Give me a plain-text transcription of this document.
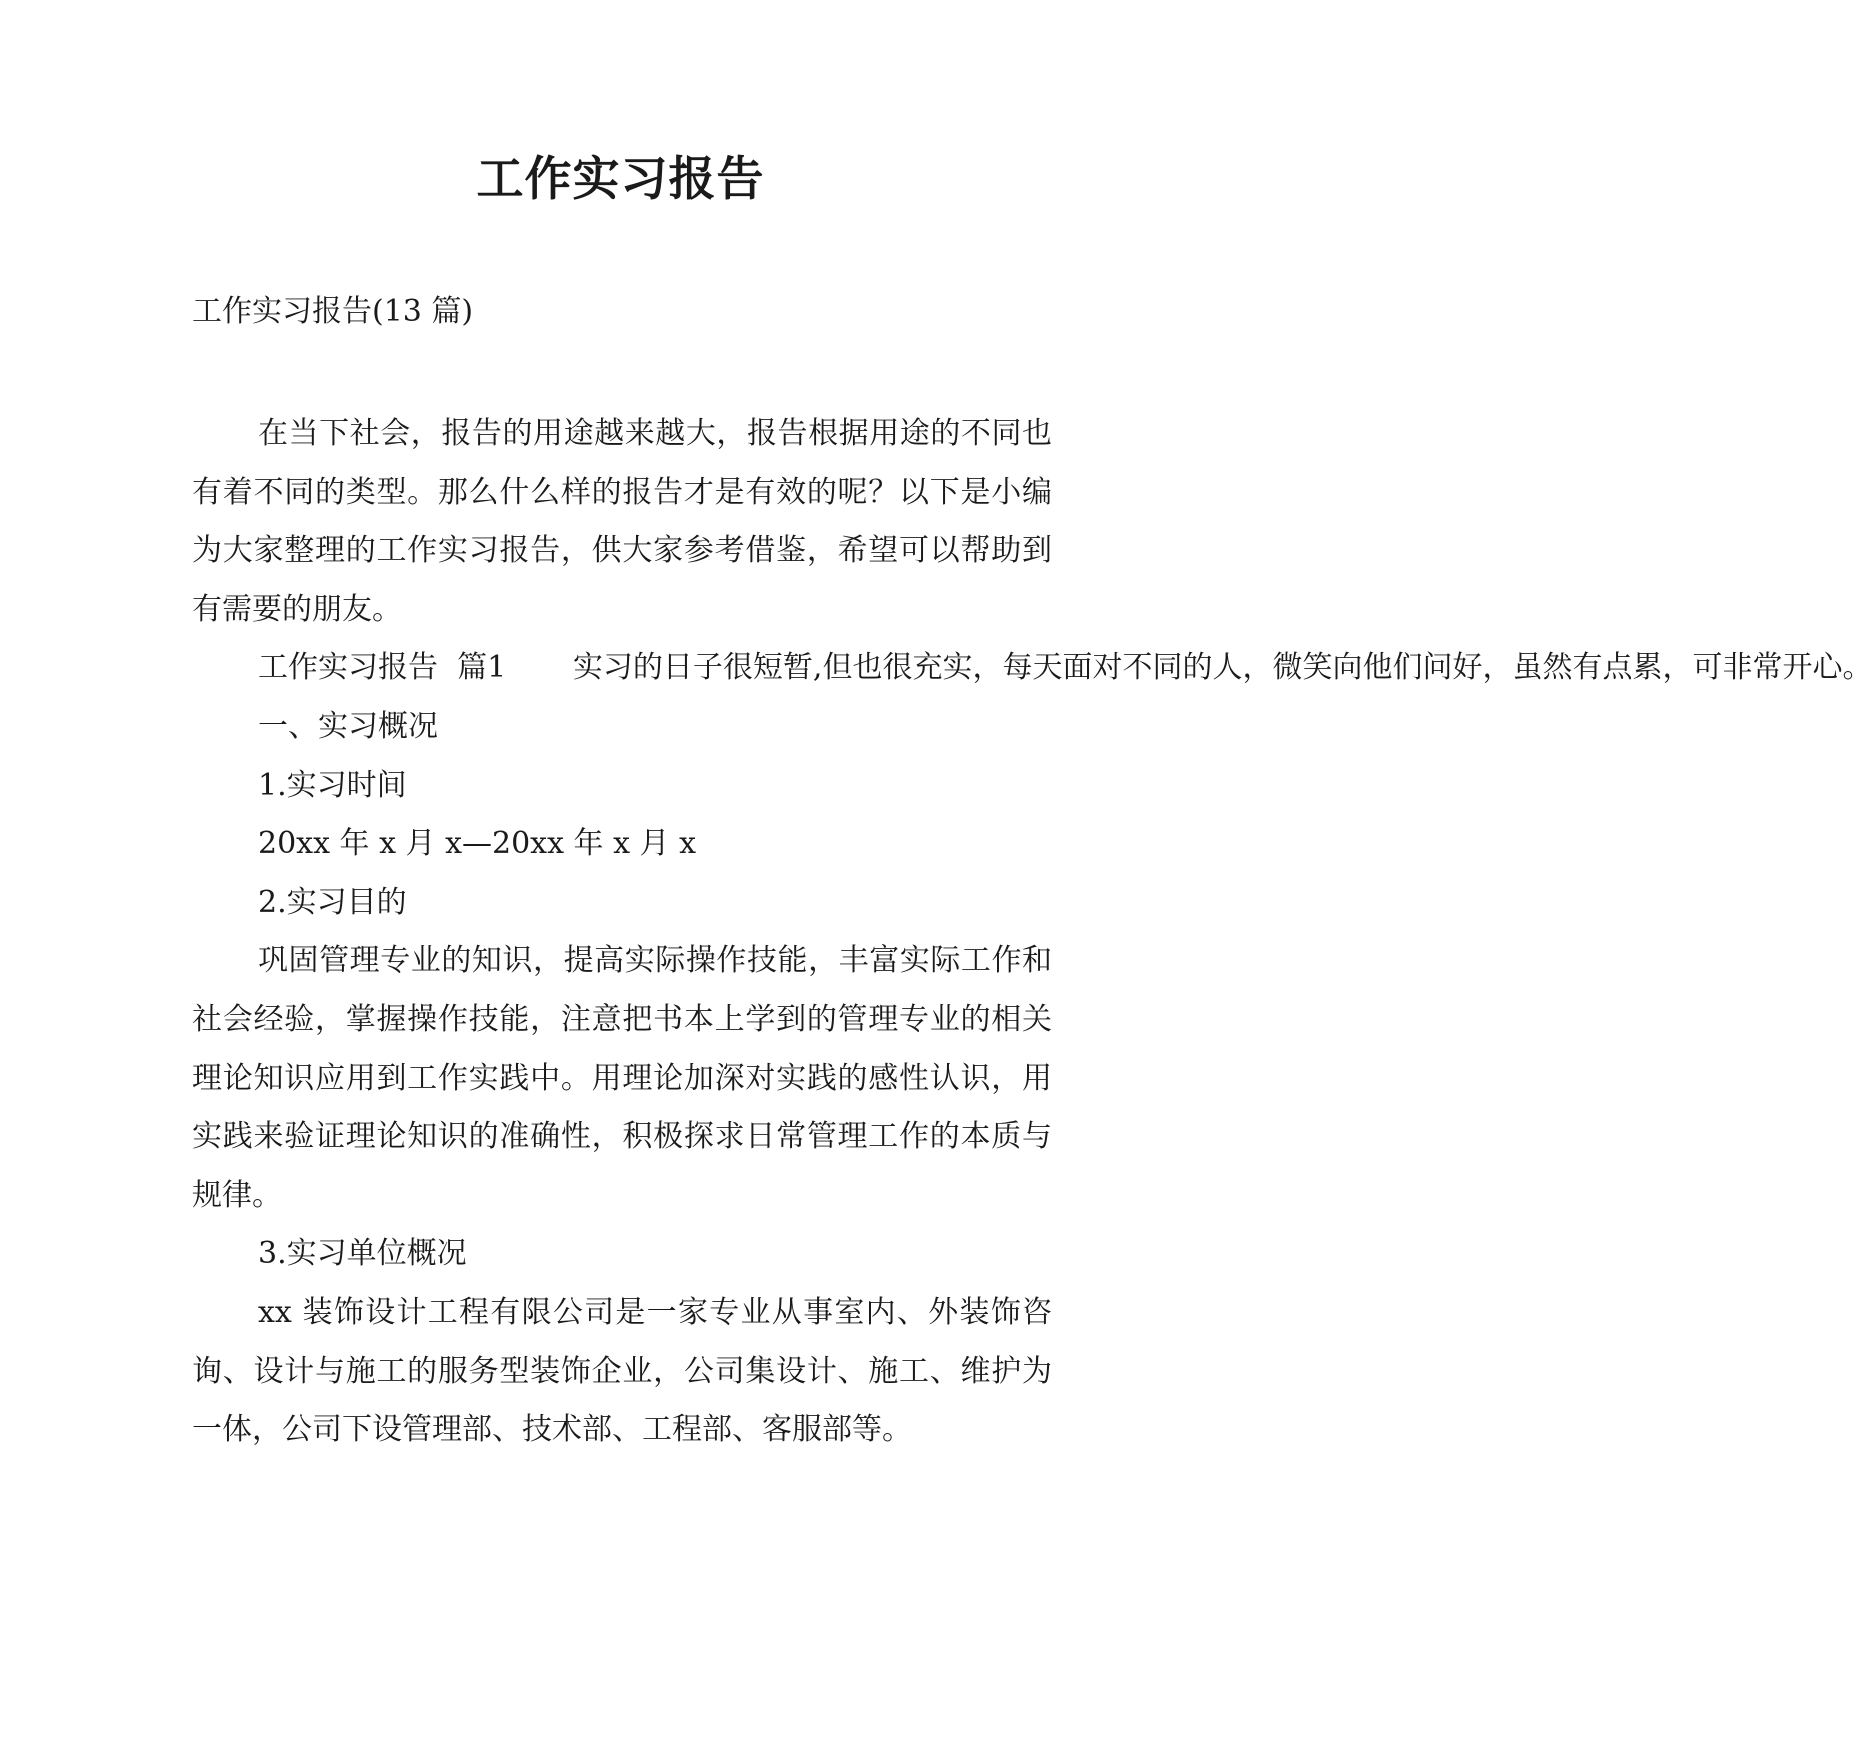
工作实习报告
工作实习报告(13 篇)

在当下社会，报告的用途越来越大，报告根据用途的不同也有着不同的类型。那么什么样的报告才是有效的呢？以下是小编为大家整理的工作实习报告，供大家参考借鉴，希望可以帮助到有需要的朋友。

工作实习报告  篇1       实习的日子很短暂,但也很充实，每天面对不同的人，微笑向他们问好，虽然有点累，可非常开心。

一、实习概况

1.实习时间

20xx 年 x 月 x—20xx 年 x 月 x

2.实习目的

巩固管理专业的知识，提高实际操作技能，丰富实际工作和社会经验，掌握操作技能，注意把书本上学到的管理专业的相关理论知识应用到工作实践中。用理论加深对实践的感性认识，用实践来验证理论知识的准确性，积极探求日常管理工作的本质与规律。

3.实习单位概况

xx 装饰设计工程有限公司是一家专业从事室内、外装饰咨询、设计与施工的服务型装饰企业，公司集设计、施工、维护为一体，公司下设管理部、技术部、工程部、客服部等。
